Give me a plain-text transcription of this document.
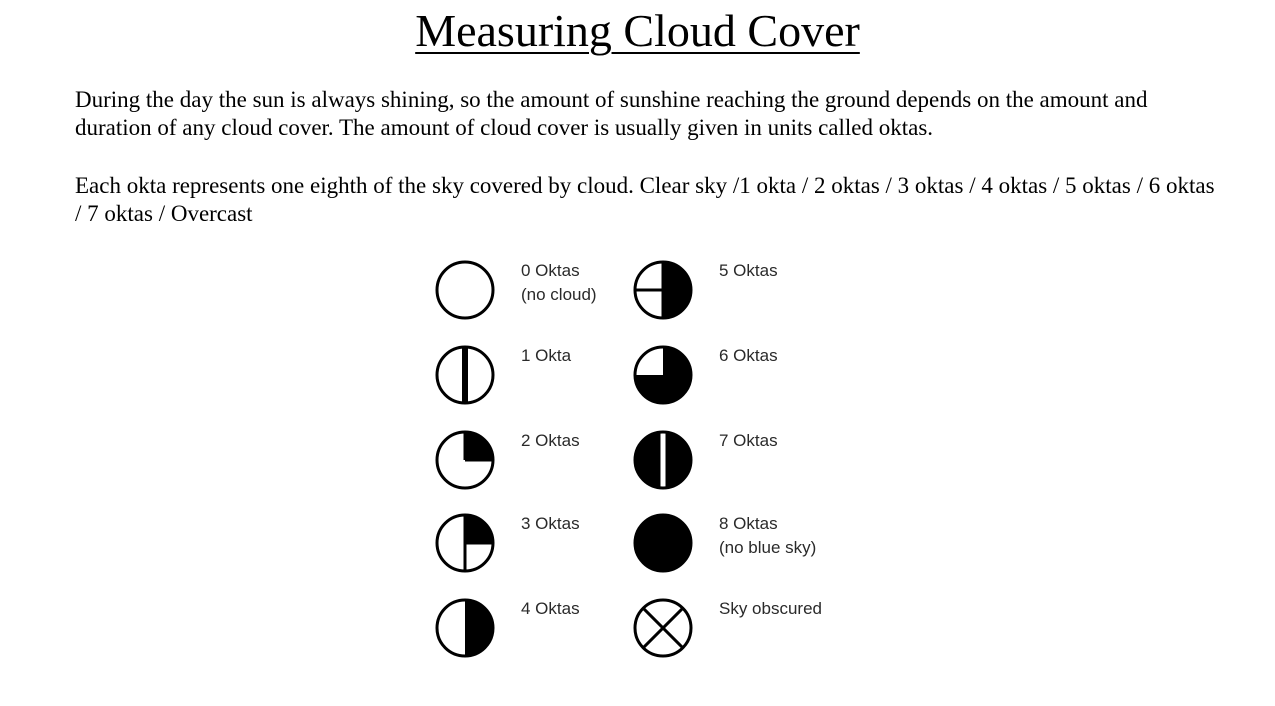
Measuring Cloud Cover

During the day the sun is always shining, so the amount of sunshine reaching the ground depends on the amount and duration of any cloud cover. The amount of cloud cover is usually given in units called oktas.

Each okta represents one eighth of the sky covered by cloud. Clear sky /1 okta / 2 oktas / 3 oktas / 4 oktas / 5 oktas / 6 oktas / 7 oktas / Overcast

0 Oktas
(no cloud)
1 Okta
2 Oktas
3 Oktas
4 Oktas
5 Oktas
6 Oktas
7 Oktas
8 Oktas
(no blue sky)
Sky obscured
